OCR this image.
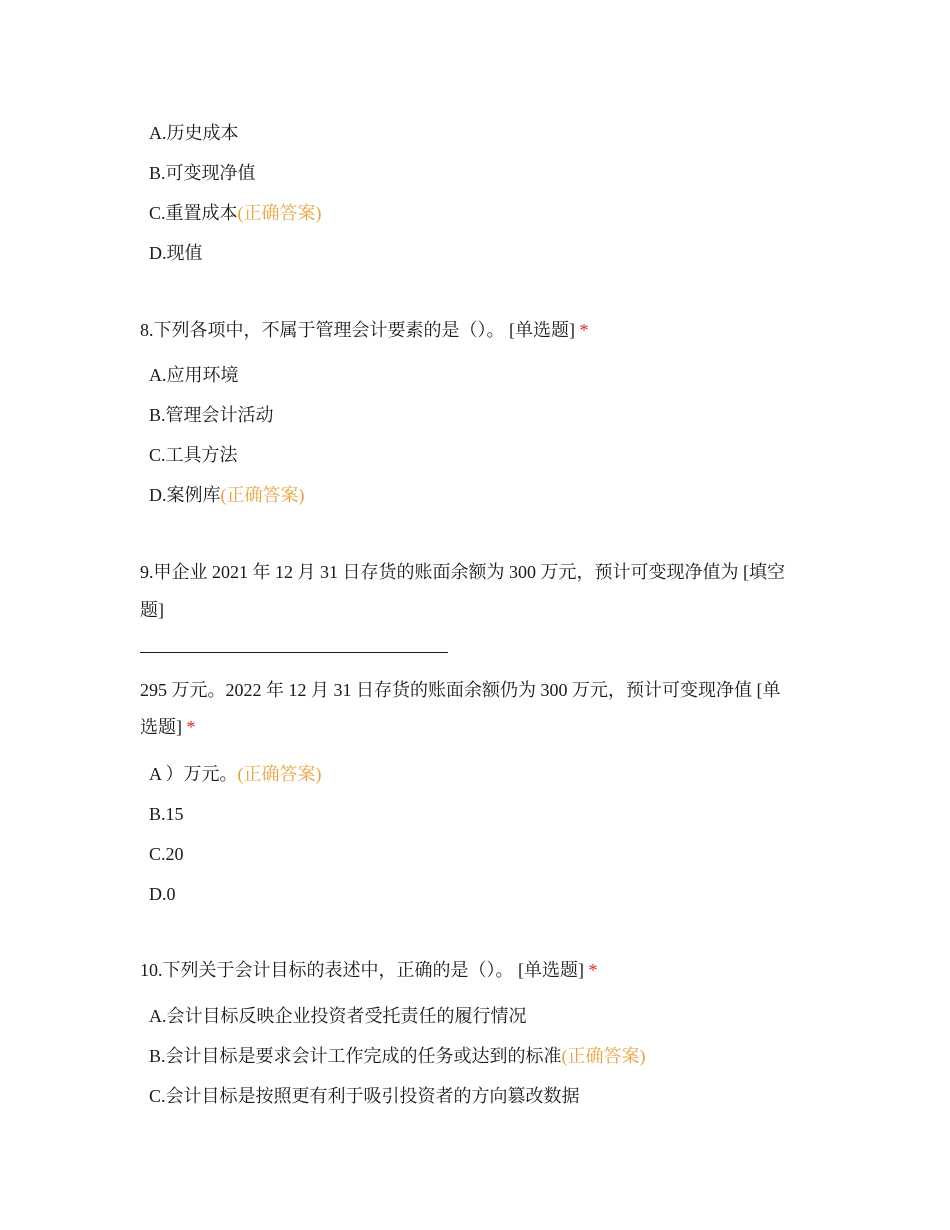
A.历史成本
B.可变现净值
C.重置成本(正确答案)
D.现值
8.下列各项中，不属于管理会计要素的是（）。 [单选题] *
A.应用环境
B.管理会计活动
C.工具方法
D.案例库(正确答案)
9.甲企业 2021 年 12 月 31 日存货的账面余额为 300 万元，预计可变现净值为 [填空
题]
295 万元。2022 年 12 月 31 日存货的账面余额仍为 300 万元，预计可变现净值 [单
选题] *
A ）万元。(正确答案)
B.15
C.20
D.0
10.下列关于会计目标的表述中，正确的是（）。 [单选题] *
A.会计目标反映企业投资者受托责任的履行情况
B.会计目标是要求会计工作完成的任务或达到的标准(正确答案)
C.会计目标是按照更有利于吸引投资者的方向篡改数据
